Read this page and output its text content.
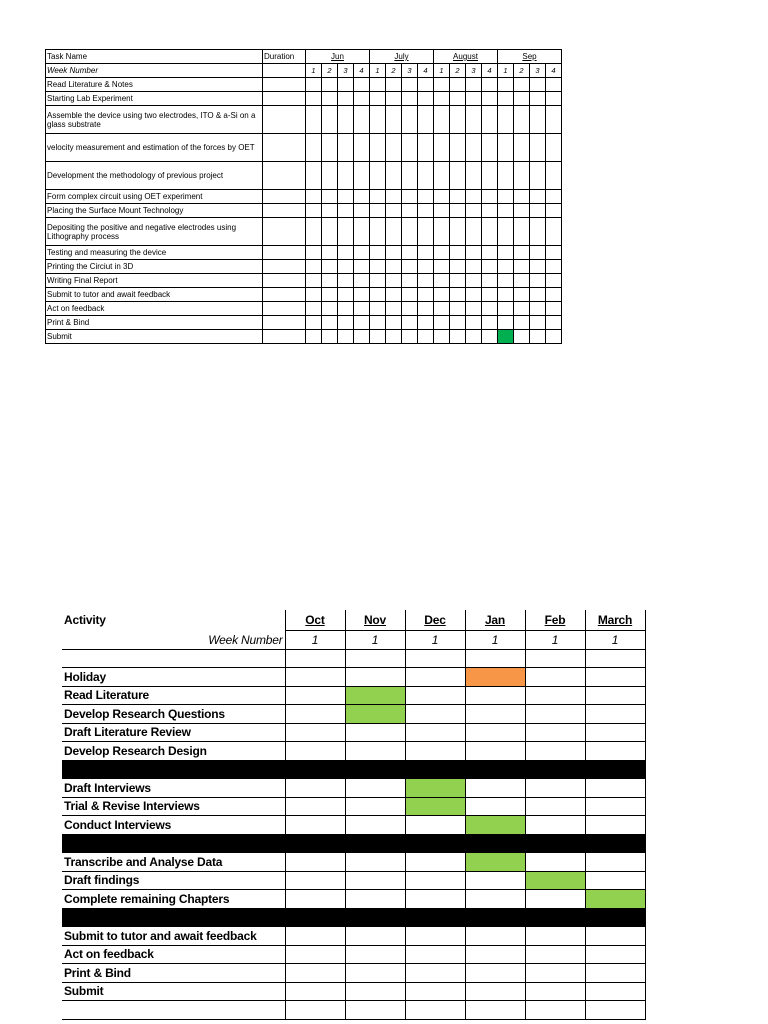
Task Name	Duration	Jun				July				August				Sep			
Week Number		1	2	3	4	1	2	3	4	1	2	3	4	1	2	3	4
Read Literature & Notes																	
Starting Lab Experiment																	
Assemble the device using two electrodes, ITO & a-Si on a glass substrate																	
velocity measurement and estimation of the forces by OET																	
Development the methodology of previous project																	
Form complex circuit using OET experiment																	
Placing the Surface Mount Technology																	
Depositing the positive and negative electrodes using Lithography process																	
Testing and measuring the device																	
Printing the Circiut in 3D																	
Writing Final Report																	
Submit to tutor and await feedback																	
Act on feedback																	
Print & Bind																	
Submit																	
Activity	Oct	Nov	Dec	Jan	Feb	March
Week Number	1	1	1	1	1	1

Holiday						
Read Literature						
Develop Research Questions						
Draft Literature Review						
Develop Research Design						

Draft Interviews						
Trial & Revise Interviews						
Conduct Interviews						

Transcribe and Analyse Data						
Draft findings						
Complete remaining Chapters						

Submit to tutor and await feedback						
Act on feedback						
Print & Bind						
Submit						
